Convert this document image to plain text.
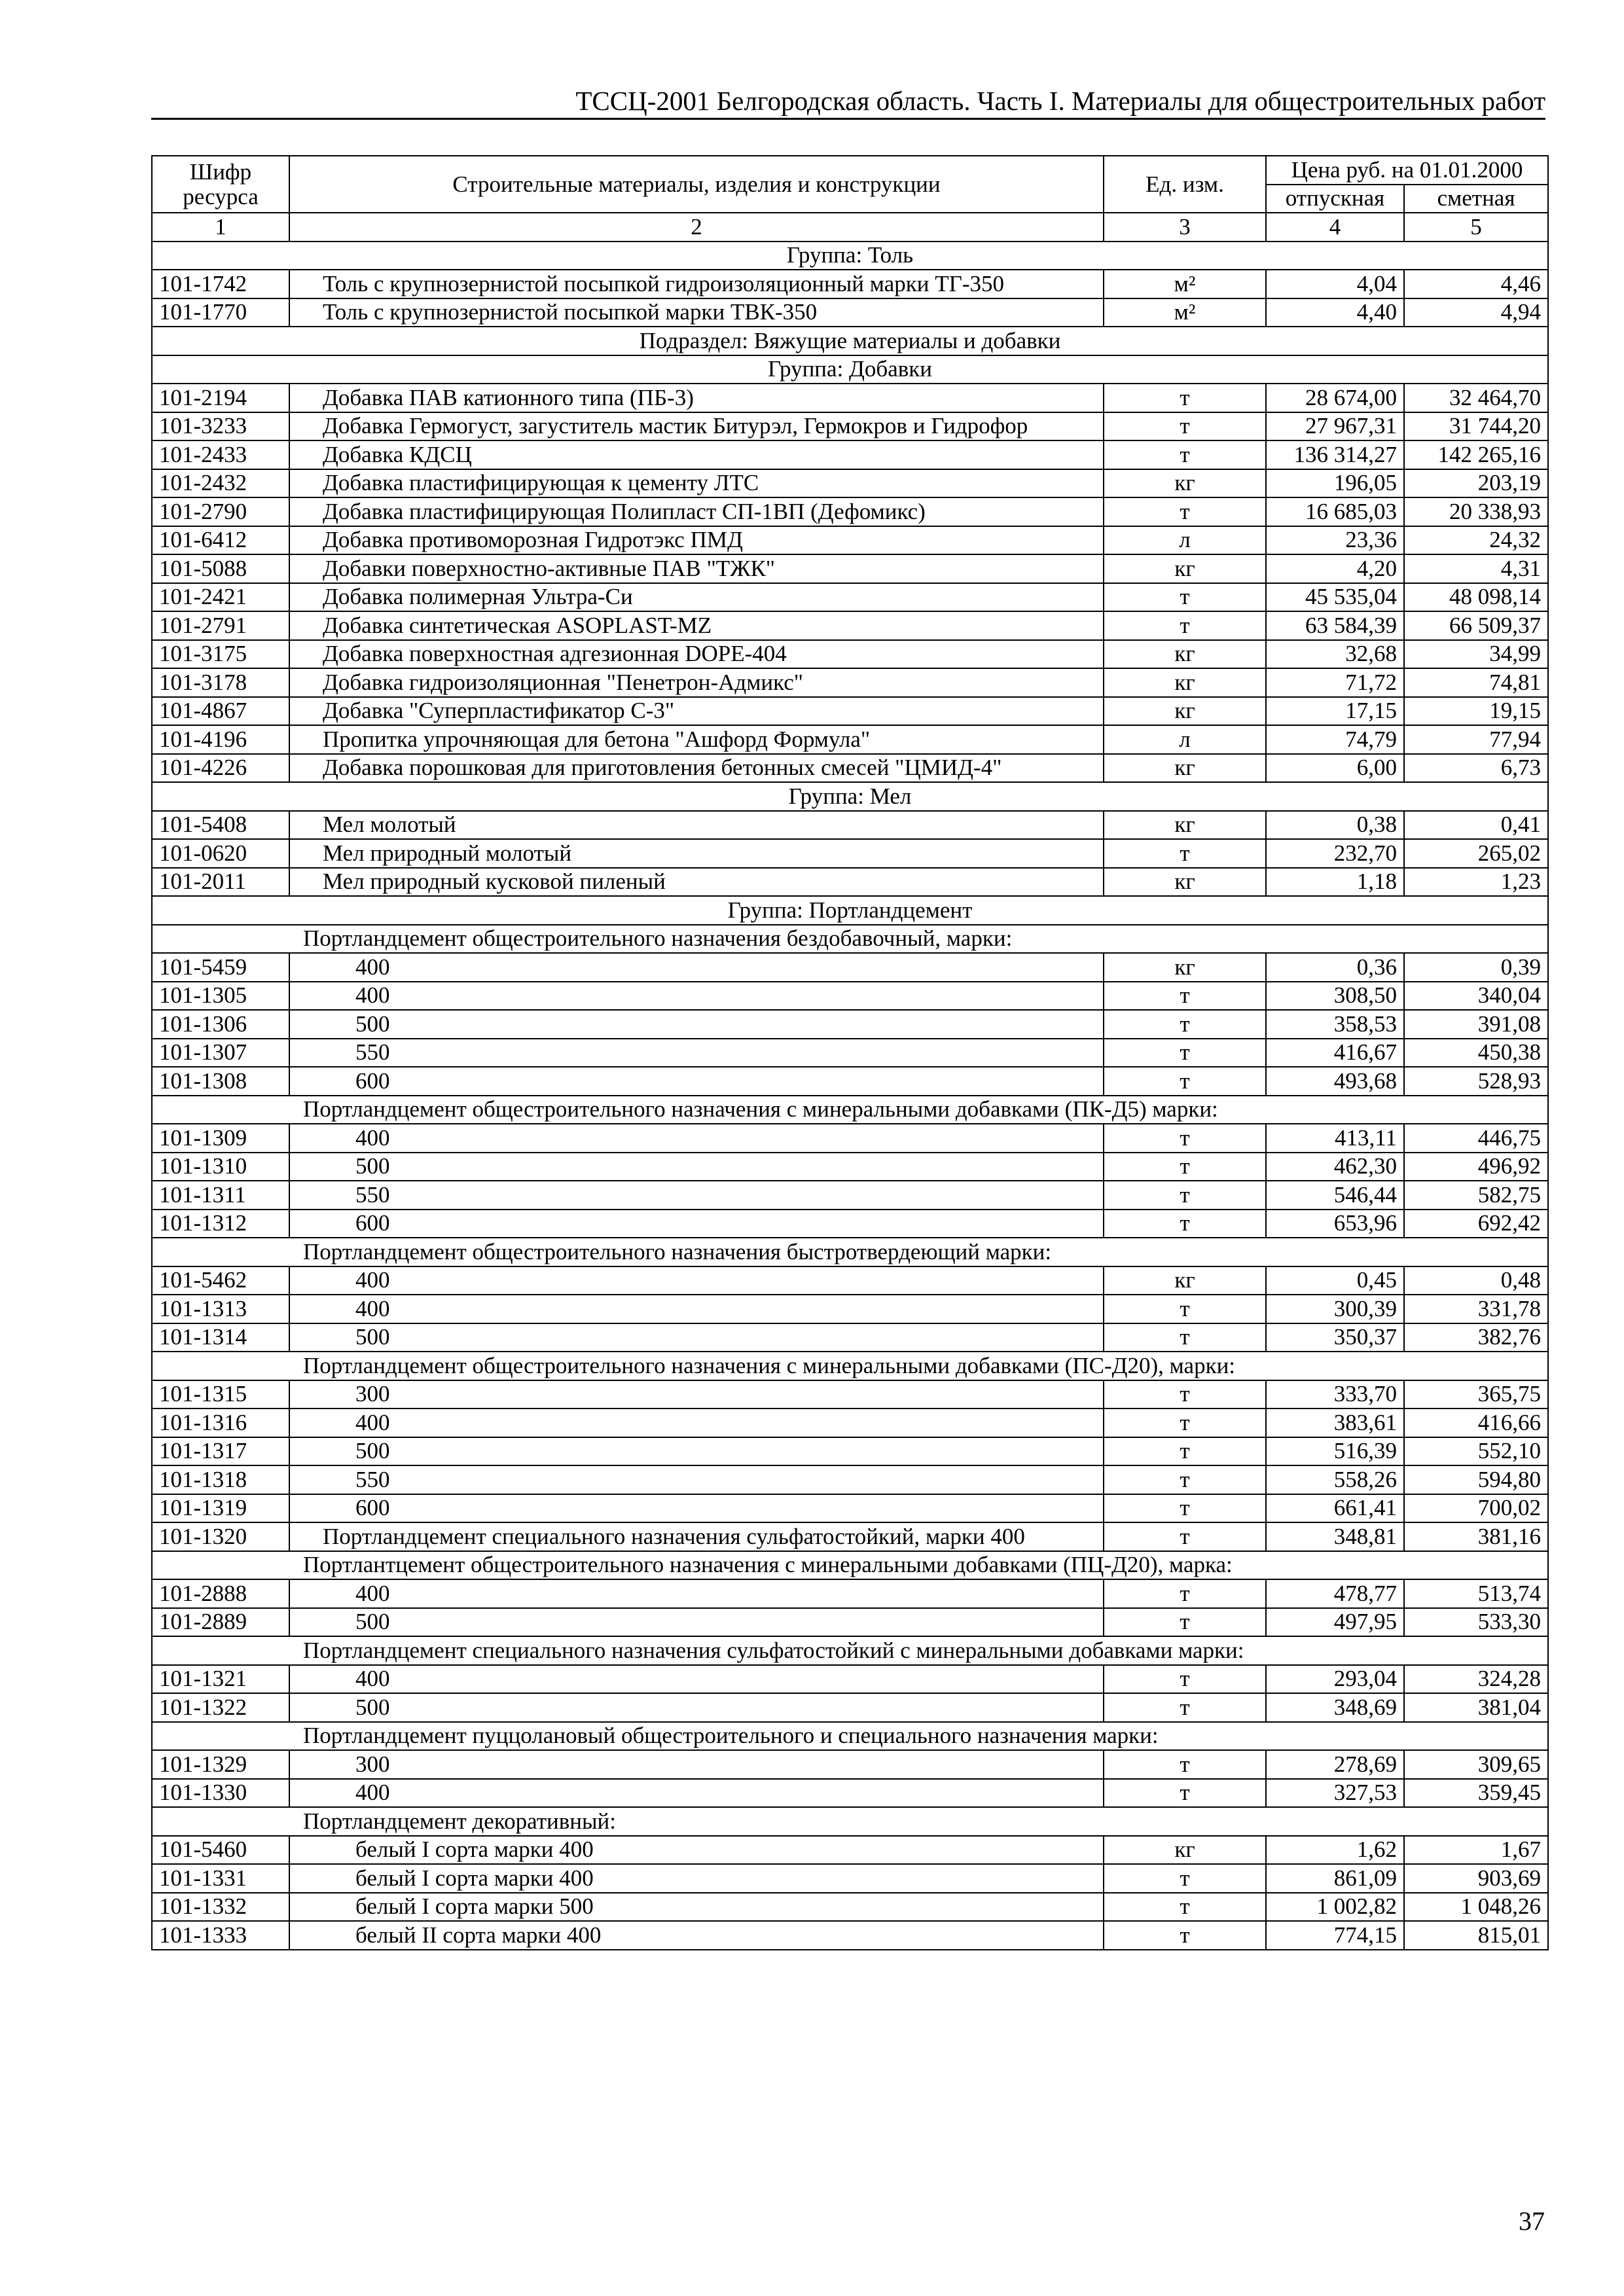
ТССЦ-2001 Белгородская область. Часть I. Материалы для общестроительных работ
Шифр ресурса	Строительные материалы, изделия и конструкции	Ед. изм.	Цена руб. на 01.01.2000	
			отпускная	сметная
1	2	3	4	5
Группа: Толь				
101-1742	Толь с крупнозернистой посыпкой гидроизоляционный марки ТГ-350	м²	4,04	4,46
101-1770	Толь с крупнозернистой посыпкой марки ТВК-350	м²	4,40	4,94
Подраздел: Вяжущие материалы и добавки				
Группа: Добавки				
101-2194	Добавка ПАВ катионного типа (ПБ-3)	т	28 674,00	32 464,70
101-3233	Добавка Гермогуст, загуститель мастик Битурэл, Гермокров и Гидрофор	т	27 967,31	31 744,20
101-2433	Добавка КДСЦ	т	136 314,27	142 265,16
101-2432	Добавка пластифицирующая к цементу ЛТС	кг	196,05	203,19
101-2790	Добавка пластифицирующая Полипласт СП-1ВП (Дефомикс)	т	16 685,03	20 338,93
101-6412	Добавка противоморозная Гидротэкс ПМД	л	23,36	24,32
101-5088	Добавки поверхностно-активные ПАВ "ТЖК"	кг	4,20	4,31
101-2421	Добавка полимерная Ультра-Си	т	45 535,04	48 098,14
101-2791	Добавка синтетическая ASOPLAST-MZ	т	63 584,39	66 509,37
101-3175	Добавка поверхностная адгезионная DOPE-404	кг	32,68	34,99
101-3178	Добавка гидроизоляционная "Пенетрон-Адмикс"	кг	71,72	74,81
101-4867	Добавка "Суперпластификатор С-3"	кг	17,15	19,15
101-4196	Пропитка упрочняющая для бетона "Ашфорд Формула"	л	74,79	77,94
101-4226	Добавка порошковая для приготовления бетонных смесей "ЦМИД-4"	кг	6,00	6,73
Группа: Мел				
101-5408	Мел молотый	кг	0,38	0,41
101-0620	Мел природный молотый	т	232,70	265,02
101-2011	Мел природный кусковой пиленый	кг	1,18	1,23
Группа: Портландцемент				
Портландцемент общестроительного назначения бездобавочный, марки:				
101-5459	400	кг	0,36	0,39
101-1305	400	т	308,50	340,04
101-1306	500	т	358,53	391,08
101-1307	550	т	416,67	450,38
101-1308	600	т	493,68	528,93
Портландцемент общестроительного назначения с минеральными добавками (ПК-Д5) марки:				
101-1309	400	т	413,11	446,75
101-1310	500	т	462,30	496,92
101-1311	550	т	546,44	582,75
101-1312	600	т	653,96	692,42
Портландцемент общестроительного назначения быстротвердеющий марки:				
101-5462	400	кг	0,45	0,48
101-1313	400	т	300,39	331,78
101-1314	500	т	350,37	382,76
Портландцемент общестроительного назначения с минеральными добавками (ПС-Д20), марки:				
101-1315	300	т	333,70	365,75
101-1316	400	т	383,61	416,66
101-1317	500	т	516,39	552,10
101-1318	550	т	558,26	594,80
101-1319	600	т	661,41	700,02
101-1320	Портландцемент специального назначения сульфатостойкий, марки 400	т	348,81	381,16
Портлантцемент общестроительного назначения с минеральными добавками (ПЦ-Д20), марка:				
101-2888	400	т	478,77	513,74
101-2889	500	т	497,95	533,30
Портландцемент специального назначения сульфатостойкий с минеральными добавками марки:				
101-1321	400	т	293,04	324,28
101-1322	500	т	348,69	381,04
Портландцемент пуццолановый общестроительного и специального назначения марки:				
101-1329	300	т	278,69	309,65
101-1330	400	т	327,53	359,45
Портландцемент декоративный:				
101-5460	белый I сорта марки 400	кг	1,62	1,67
101-1331	белый I сорта марки 400	т	861,09	903,69
101-1332	белый I сорта марки 500	т	1 002,82	1 048,26
101-1333	белый II сорта марки 400	т	774,15	815,01
37
